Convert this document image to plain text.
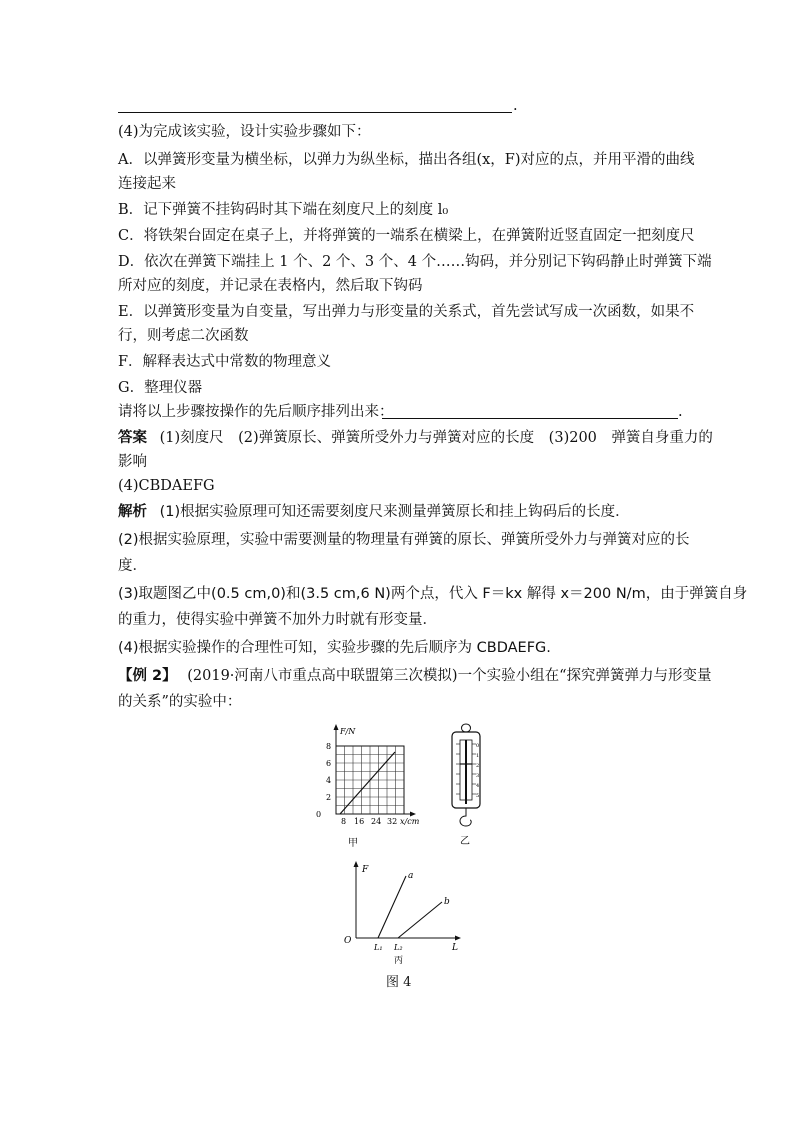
.
(4)为完成该实验，设计实验步骤如下：
A．以弹簧形变量为横坐标，以弹力为纵坐标，描出各组(x，F)对应的点，并用平滑的曲线
连接起来
B．记下弹簧不挂钩码时其下端在刻度尺上的刻度 l₀
C．将铁架台固定在桌子上，并将弹簧的一端系在横梁上，在弹簧附近竖直固定一把刻度尺
D．依次在弹簧下端挂上 1 个、2 个、3 个、4 个……钩码，并分别记下钩码静止时弹簧下端
所对应的刻度，并记录在表格内，然后取下钩码
E．以弹簧形变量为自变量，写出弹力与形变量的关系式，首先尝试写成一次函数，如果不
行，则考虑二次函数
F．解释表达式中常数的物理意义
G．整理仪器
请将以上步骤按操作的先后顺序排列出来：	.
答案 (1)刻度尺　(2)弹簧原长、弹簧所受外力与弹簧对应的长度　(3)200　弹簧自身重力的
影响
(4)CBDAEFG
解析 (1)根据实验原理可知还需要刻度尺来测量弹簧原长和挂上钩码后的长度．
(2)根据实验原理，实验中需要测量的物理量有弹簧的原长、弹簧所受外力与弹簧对应的长
度．
(3)取题图乙中(0.5 cm,0)和(3.5 cm,6 N)两个点，代入 F＝kx 解得 x＝200 N/m，由于弹簧自身
的重力，使得实验中弹簧不加外力时就有形变量．
(4)根据实验操作的合理性可知，实验步骤的先后顺序为 CBDAEFG.
【例 2】 (2019·河南八市重点高中联盟第三次模拟)一个实验小组在“探究弹簧弹力与形变量
的关系”的实验中：
F/N
8
6
4
2
0
8 16 24 32 x/cm
甲
0
1
2
3
4
5
乙
F
O
L₁ L₂	L
a
b
丙
图 4
